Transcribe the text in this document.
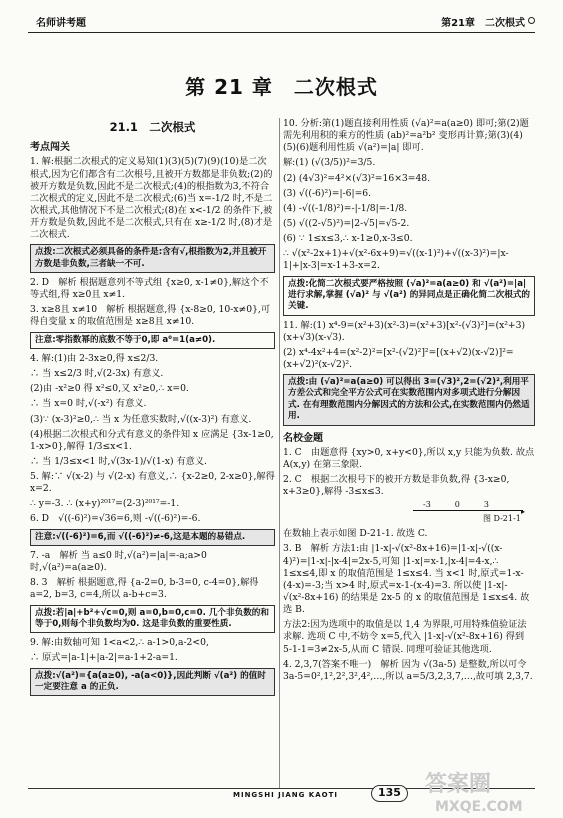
名师讲考题	第21章　二次根式
第 21 章　二次根式
21.1　二次根式
考点闯关

1. 解:根据二次根式的定义易知(1)(3)(5)(7)(9)(10)是二次根式,因为它们都含有二次根号,且被开方数都是非负数;(2)的被开方数是负数,因此不是二次根式;(4)的根指数为3,不符合二次根式的定义,因此不是二次根式;(6)当 x=-1/2 时,不是二次根式,其他情况下不是二次根式;(8)在 x<-1/2 的条件下,被开方数是负数,因此不是二次根式,只有在 x≥-1/2 时,(8)才是二次根式.

点拨:二次根式必须具备的条件是:含有√,根指数为2,并且被开方数是非负数,三者缺一不可.

2. D　解析 根据题意列不等式组 {x≥0, x-1≠0},解这个不等式组,得 x≥0且 x≠1.

3. x≥8且 x≠10　解析 根据题意,得 {x-8≥0, 10-x≠0},可得自变量 x 的取值范围是 x≥8且 x≠10.

注意:零指数幂的底数不等于0,即 a⁰=1(a≠0).

4. 解:(1)由 2-3x≥0,得 x≤2/3.

∴ 当 x≤2/3 时,√(2-3x) 有意义.

(2)由 -x²≥0 得 x²≤0,又 x²≥0,∴ x=0.

∴ 当 x=0 时,√(-x²) 有意义.

(3)∵ (x-3)²≥0,∴ 当 x 为任意实数时,√((x-3)²) 有意义.

(4)根据二次根式和分式有意义的条件知 x 应满足 {3x-1≥0, 1-x>0},解得 1/3≤x<1.

∴ 当 1/3≤x<1 时,√(3x-1)/√(1-x) 有意义.

5. 解:∵ √(x-2) 与 √(2-x) 有意义,∴ {x-2≥0, 2-x≥0},解得 x=2.

∴ y=-3. ∴ (x+y)²⁰¹⁷=(2-3)²⁰¹⁷=-1.

6. D　√((-6)²)=√36=6,则 -√((-6)²)=-6.

注意:√((-6)²)=6,而 √((-6)²)≠-6,这是本题的易错点.

7. -a　解析 当 a≤0 时,√(a²)=|a|=-a;a>0 时,√(a²)=a(a≥0).

8. 3　解析 根据题意,得 {a-2=0, b-3=0, c-4=0},解得 a=2, b=3, c=4,所以 a-b+c=3.

点拨:若|a|+b²+√c=0,则 a=0,b=0,c=0. 几个非负数的和等于0,则每个非负数均为0. 这是非负数的重要性质.

9. 解:由数轴可知 1<a<2,∴ a-1>0,a-2<0,

∴ 原式=|a-1|+|a-2|=a-1+2-a=1.

点拨:√(a²)={a(a≥0), -a(a<0)},因此判断 √(a²) 的值时一定要注意 a 的正负.

10. 分析:第(1)题直接利用性质 (√a)²=a(a≥0) 即可;第(2)题需先利用积的乘方的性质 (ab)²=a²b² 变形再计算;第(3)(4)(5)(6)题利用性质 √(a²)=|a| 即可.

解:(1) (√(3/5))²=3/5.

(2) (4√3)²=4²×(√3)²=16×3=48.

(3) √((-6)²)=|-6|=6.

(4) -√((-1/8)²)=-|-1/8|=-1/8.

(5) √((2-√5)²)=|2-√5|=√5-2.

(6) ∵ 1≤x≤3,∴ x-1≥0,x-3≤0.

∴ √(x²-2x+1)+√(x²-6x+9)=√((x-1)²)+√((x-3)²)=|x-1|+|x-3|=x-1+3-x=2.

点拨:化简二次根式要严格按照 (√a)²=a(a≥0) 和 √(a²)=|a| 进行求解,掌握 (√a)² 与 √(a²) 的异同点是正确化简二次根式的关键.

11. 解:(1) x⁴-9=(x²+3)(x²-3)=(x²+3)[x²-(√3)²]=(x²+3)(x+√3)(x-√3).

(2) x⁴-4x²+4=(x²-2)²=[x²-(√2)²]²=[(x+√2)(x-√2)]²=(x+√2)²(x-√2)².

点拨:由 (√a)²=a(a≥0) 可以得出 3=(√3)²,2=(√2)²,利用平方差公式和完全平方公式可在实数范围内对多项式进行分解因式. 在有理数范围内分解因式的方法和公式,在实数范围内仍然适用.
名校金题

1. C　由题意得 {xy>0, x+y<0},所以 x,y 只能为负数. 故点 A(x,y) 在第三象限.

2. C　根据二次根号下的被开方数是非负数,得 {3-x≥0, x+3≥0},解得 -3≤x≤3.

▸
-3　　　0　　　3
图 D-21-1

在数轴上表示如图 D-21-1. 故选 C.

3. B　解析 方法1:由 |1-x|-√(x²-8x+16)=|1-x|-√((x-4)²)=|1-x|-|x-4|=2x-5,可知 |1-x|=x-1,|x-4|=4-x,∴ 1≤x≤4,即 x 的取值范围是 1≤x≤4. 当 x<1 时,原式=1-x-(4-x)=-3;当 x>4 时,原式=x-1-(x-4)=3. 所以使 |1-x|-√(x²-8x+16) 的结果是 2x-5 的 x 的取值范围是 1≤x≤4. 故选 B.

方法2:因为选项中的取值是以 1,4 为界限,可用特殊值验证法求解. 选项 C 中,不妨令 x=5,代入 |1-x|-√(x²-8x+16) 得到 5-1-1=3≠2x-5,从而 C 错误. 同理可验证其他选项.

4. 2,3,7(答案不唯一)　解析 因为 √(3a-5) 是整数,所以可令 3a-5=0²,1²,2²,3²,4²,…,所以 a=5/3,2,3,7,…,故可填 2,3,7.

MINGSHI JIANG KAOTI	135	答案圈
MXQE.COM
